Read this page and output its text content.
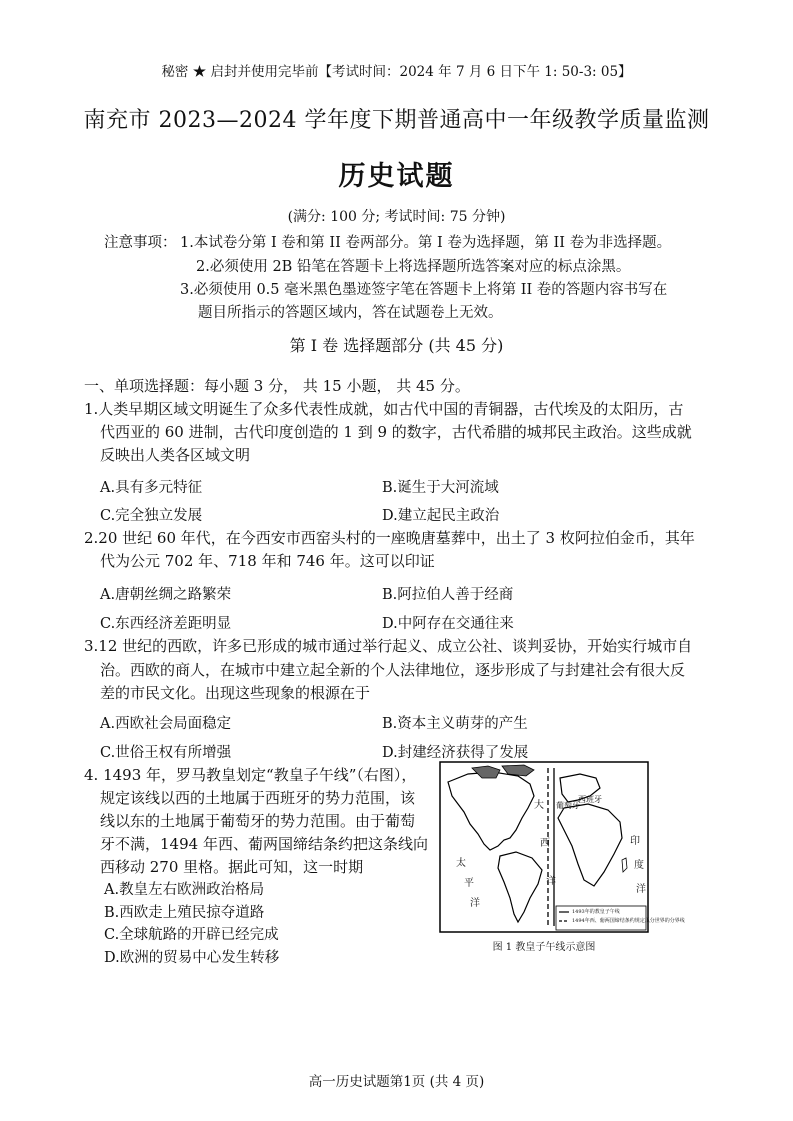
秘密 ★ 启封并使用完毕前【考试时间：2024 年 7 月 6 日下午 1: 50-3: 05】
南充市 2023—2024 学年度下期普通高中一年级教学质量监测
历史试题
(满分: 100 分; 考试时间: 75 分钟)
注意事项： 1.本试卷分第 I 卷和第 II 卷两部分。第 I 卷为选择题，第 II 卷为非选择题。
2.必须使用 2B 铅笔在答题卡上将选择题所选答案对应的标点涂黑。
3.必须使用 0.5 毫米黑色墨迹签字笔在答题卡上将第 II 卷的答题内容书写在
题目所指示的答题区域内，答在试题卷上无效。
第 I 卷 选择题部分 (共 45 分)
一、单项选择题：每小题 3 分， 共 15 小题， 共 45 分。
1.人类早期区域文明诞生了众多代表性成就，如古代中国的青铜器，古代埃及的太阳历，古
代西亚的 60 进制，古代印度创造的 1 到 9 的数字，古代希腊的城邦民主政治。这些成就
反映出人类各区域文明
A.具有多元特征	B.诞生于大河流域
C.完全独立发展	D.建立起民主政治
2.20 世纪 60 年代，在今西安市西窑头村的一座晚唐墓葬中，出土了 3 枚阿拉伯金币，其年
代为公元 702 年、718 年和 746 年。这可以印证
A.唐朝丝绸之路繁荣	B.阿拉伯人善于经商
C.东西经济差距明显	D.中阿存在交通往来
3.12 世纪的西欧，许多已形成的城市通过举行起义、成立公社、谈判妥协，开始实行城市自
治。西欧的商人，在城市中建立起全新的个人法律地位，逐步形成了与封建社会有很大反
差的市民文化。出现这些现象的根源在于
A.西欧社会局面稳定	B.资本主义萌芽的产生
C.世俗王权有所增强	D.封建经济获得了发展
4. 1493 年，罗马教皇划定“教皇子午线”（右图），
规定该线以西的土地属于西班牙的势力范围，该
线以东的土地属于葡萄牙的势力范围。由于葡萄
牙不满，1494 年西、葡两国缔结条约把这条线向
西移动 270 里格。据此可知，这一时期
A.教皇左右欧洲政治格局
B.西欧走上殖民掠夺道路
C.全球航路的开辟已经完成
D.欧洲的贸易中心发生转移
太
平
洋
大
西
洋
印
度
洋
葡萄牙
西班牙
1493年的教皇子午线
1494年西、葡两国缔结条约规定瓜分世界的分界线
图 1 教皇子午线示意图
高一历史试题第1页 (共 4 页)
